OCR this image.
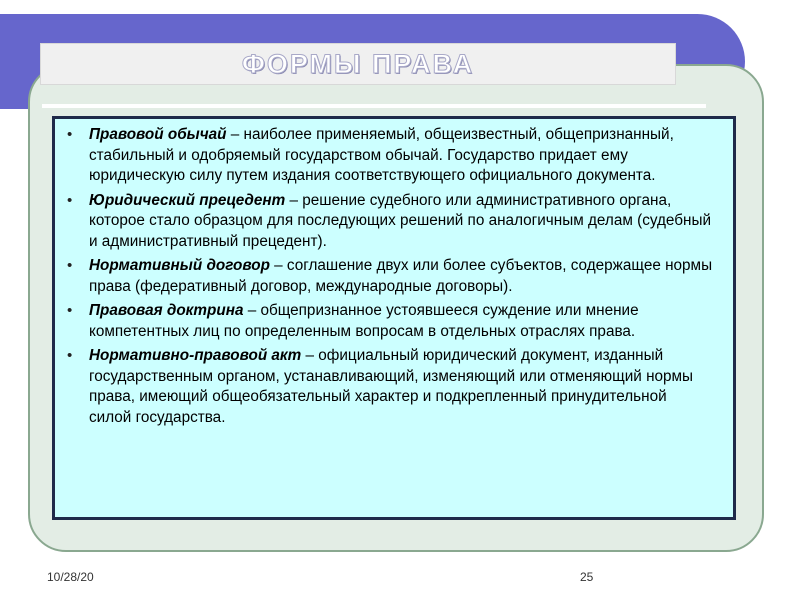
ФОРМЫ ПРАВА
• Правовой обычай – наиболее применяемый, общеизвестный, общепризнанный, стабильный и одобряемый государством обычай. Государство придает ему юридическую силу путем издания соответствующего официального документа.
• Юридический прецедент – решение судебного или административного органа, которое стало образцом для последующих решений по аналогичным делам (судебный и административный прецедент).
• Нормативный договор – соглашение двух или более субъектов, содержащее нормы права (федеративный договор, международные договоры).
• Правовая доктрина – общепризнанное устоявшееся суждение или мнение компетентных лиц по определенным вопросам в отдельных отраслях права.
• Нормативно-правовой акт – официальный юридический документ, изданный государственным органом, устанавливающий, изменяющий или отменяющий нормы права, имеющий общеобязательный характер и подкрепленный принудительной силой государства.
10/28/20	25
